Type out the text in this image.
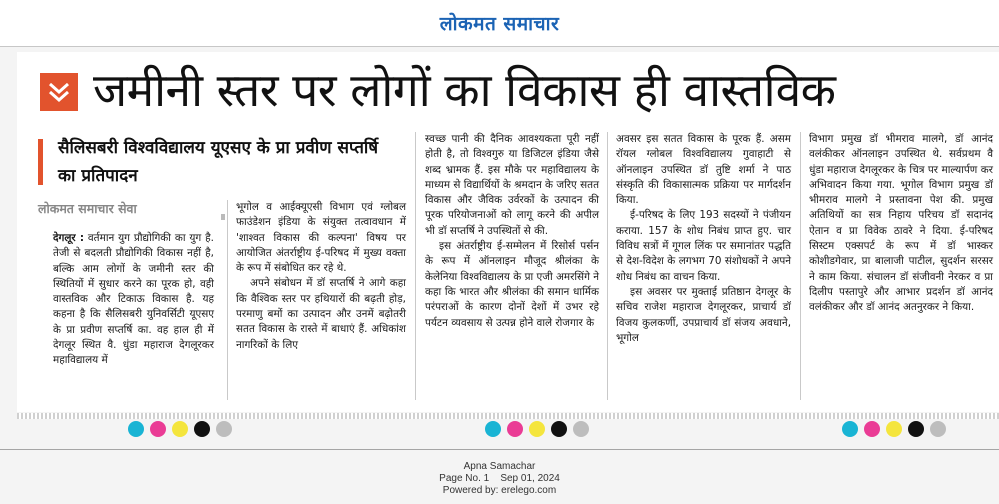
लोकमत समाचार
जमीनी स्तर पर लोगों का विकास ही वास्तविक
सैलिसबरी विश्वविद्यालय यूएसए के प्रा प्रवीण सप्तर्षि का प्रतिपादन
लोकमत समाचार सेवा

देगलूर : वर्तमान युग प्रौद्योगिकी का युग है. तेजी से बदलती प्रौद्योगिकी विकास नहीं है, बल्कि आम लोगों के जमीनी स्तर की स्थितियों में सुधार करने का पूरक हो, वही वास्तविक और टिकाऊ विकास है. यह कहना है कि सैलिसबरी युनिवर्सिटी यूएसए के प्रा प्रवीण सप्तर्षि का. वह हाल ही में देगलूर स्थित वै. धुंडा महाराज देगलूरकर महाविद्यालय में

भूगोल व आईक्यूएसी विभाग एवं ग्लोबल फाउंडेशन इंडिया के संयुक्त तत्वावधान में 'शाश्वत विकास की कल्पना' विषय पर आयोजित अंतर्राष्ट्रीय ई-परिषद में मुख्य वक्ता के रूप में संबोधित कर रहे थे.

अपने संबोधन में डॉ सप्तर्षि ने आगे कहा कि वैश्विक स्तर पर हथियारों की बढ़ती होड़, परमाणु बमों का उत्पादन और उनमें बढ़ोतरी सतत विकास के रास्ते में बाधाएं हैं. अधिकांश नागरिकों के लिए

स्वच्छ पानी की दैनिक आवश्यकता पूरी नहीं होती है, तो विश्वगुरु या डिजिटल इंडिया जैसे शब्द भ्रामक हैं. इस मौके पर महाविद्यालय के माध्यम से विद्यार्थियों के श्रमदान के जरिए सतत विकास और जैविक उर्वरकों के उत्पादन की पूरक परियोजनाओं को लागू करने की अपील भी डॉ सप्तर्षि ने उपस्थितों से की.

इस अंतर्राष्ट्रीय ई-सम्मेलन में रिसोर्स पर्सन के रूप में ऑनलाइन मौजूद श्रीलंका के केलेनिया विश्वविद्यालय के प्रा एजी अमरसिंगे ने कहा कि भारत और श्रीलंका की समान धार्मिक परंपराओं के कारण दोनों देशों में उभर रहे पर्यटन व्यवसाय से उत्पन्न होने वाले रोजगार के

अवसर इस सतत विकास के पूरक हैं. असम रॉयल ग्लोबल विश्वविद्यालय गुवाहाटी से ऑनलाइन उपस्थित डॉ तुष्टि शर्मा ने पाठ संस्कृति की विकासात्मक प्रक्रिया पर मार्गदर्शन किया.

ई-परिषद के लिए 193 सदस्यों ने पंजीयन कराया. 157 के शोध निबंध प्राप्त हुए. चार विविध सत्रों में गूगल लिंक पर समानांतर पद्धति से देश-विदेश के लगभग 70 संशोधकों ने अपने शोध निबंध का वाचन किया.

इस अवसर पर मुक्ताई प्रतिष्ठान देगलूर के सचिव राजेश महाराज देगलूरकर, प्राचार्य डॉ विजय कुलकर्णी, उपप्राचार्य डॉ संजय अवधाने, भूगोल

विभाग प्रमुख डॉ भीमराव मालगे, डॉ आनंद वलंकीकर ऑनलाइन उपस्थित थे. सर्वप्रथम वै धुंडा महाराज देगलूरकर के चित्र पर माल्यार्पण कर अभिवादन किया गया. भूगोल विभाग प्रमुख डॉ भीमराव मालगे ने प्रस्तावना पेश की. प्रमुख अतिथियों का सत्र निहाय परिचय डॉ सदानंद ऐतान व प्रा विवेक ठावरे ने दिया. ई-परिषद सिस्टम एक्सपर्ट के रूप में डॉ भास्कर कोशीडगेवार, प्रा बालाजी पाटील, सुदर्शन सरसर ने काम किया. संचालन डॉ संजीवनी नेरकर व प्रा दिलीप पस्तापुरे और आभार प्रदर्शन डॉ आनंद वलंकीकर और डॉ आनंद अतनुरकर ने किया.

Apna Samachar
Page No. 1    Sep 01, 2024
Powered by: erelego.com
